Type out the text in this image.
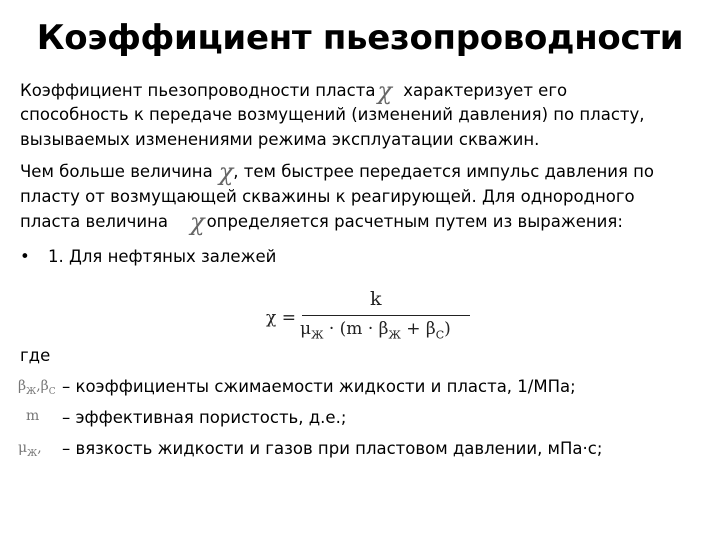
Коэффициент пьезопроводности
Коэффициент пьезопроводности пластаχ характеризует его
способность к передаче возмущений (изменений давления) по пласту,
вызываемых изменениями режима эксплуатации скважин.
Чем больше величина χ, тем быстрее передается импульс давления по
пласту от возмущающей скважины к реагирующей. Для однородного
пласта величина χ определяется расчетным путем из выражения:
• 1. Для нефтяных залежей
χ =
k
$\mu_Ж \cdot (m \cdot \beta_Ж + \beta_С)$
где
$\beta_Ж,\beta_С$ – коэффициенты сжимаемости жидкости и пласта, 1/МПа;
m – эффективная пористость, д.е.;
$\mu_Ж$, – вязкость жидкости и газов при пластовом давлении, мПа·с;
